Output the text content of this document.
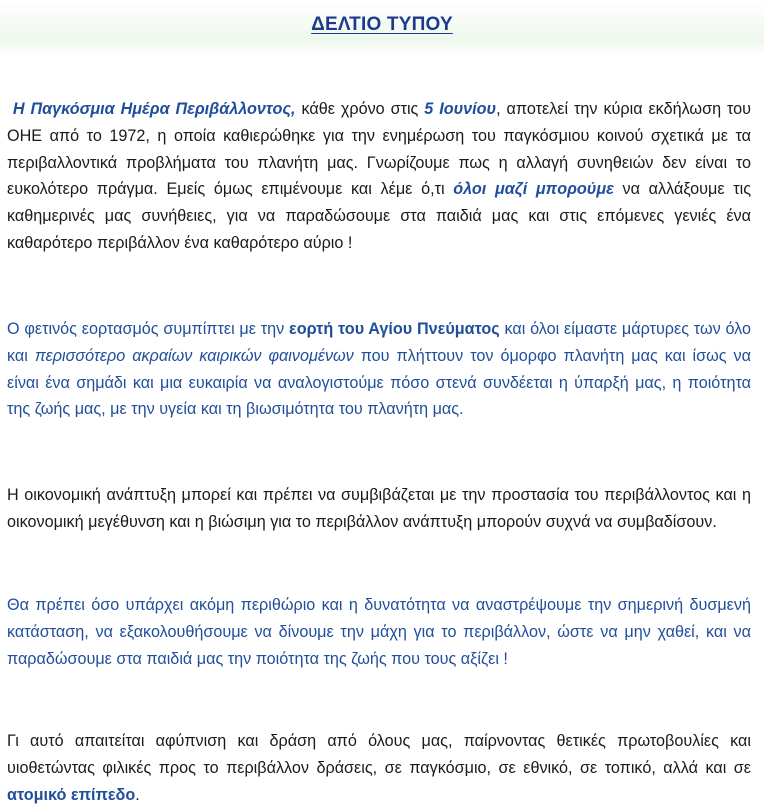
ΔΕΛΤΙΟ ΤΥΠΟΥ

Η Παγκόσμια Ημέρα Περιβάλλοντος, κάθε χρόνο στις 5 Ιουνίου, αποτελεί την κύρια εκδήλωση του ΟΗΕ από το 1972, η οποία καθιερώθηκε για την ενημέρωση του παγκόσμιου κοινού σχετικά με τα περιβαλλοντικά προβλήματα του πλανήτη μας. Γνωρίζουμε πως η αλλαγή συνηθειών δεν είναι το ευκολότερο πράγμα. Εμείς όμως επιμένουμε και λέμε ό,τι όλοι μαζί μπορούμε να αλλάξουμε τις καθημερινές μας συνήθειες, για να παραδώσουμε στα παιδιά μας και στις επόμενες γενιές ένα καθαρότερο περιβάλλον ένα καθαρότερο αύριο !

Ο φετινός εορτασμός συμπίπτει με την εορτή του Αγίου Πνεύματος και όλοι είμαστε μάρτυρες των όλο και περισσότερο ακραίων καιρικών φαινομένων που πλήττουν τον όμορφο πλανήτη μας και ίσως να είναι ένα σημάδι και μια ευκαιρία να αναλογιστούμε πόσο στενά συνδέεται η ύπαρξή μας, η ποιότητα της ζωής μας, με την υγεία και τη βιωσιμότητα του πλανήτη μας.

Η οικονομική ανάπτυξη μπορεί και πρέπει να συμβιβάζεται με την προστασία του περιβάλλοντος και η οικονομική μεγέθυνση και η βιώσιμη για το περιβάλλον ανάπτυξη μπορούν συχνά να συμβαδίσουν.

Θα πρέπει όσο υπάρχει ακόμη περιθώριο και η δυνατότητα να αναστρέψουμε την σημερινή δυσμενή κατάσταση, να εξακολουθήσουμε να δίνουμε την μάχη για το περιβάλλον, ώστε να μην χαθεί, και να παραδώσουμε στα παιδιά μας την ποιότητα της ζωής που τους αξίζει !

Γι αυτό απαιτείται αφύπνιση και δράση από όλους μας, παίρνοντας θετικές πρωτοβουλίες και υιοθετώντας φιλικές προς το περιβάλλον δράσεις, σε παγκόσμιο, σε εθνικό, σε τοπικό, αλλά και σε ατομικό επίπεδο.
